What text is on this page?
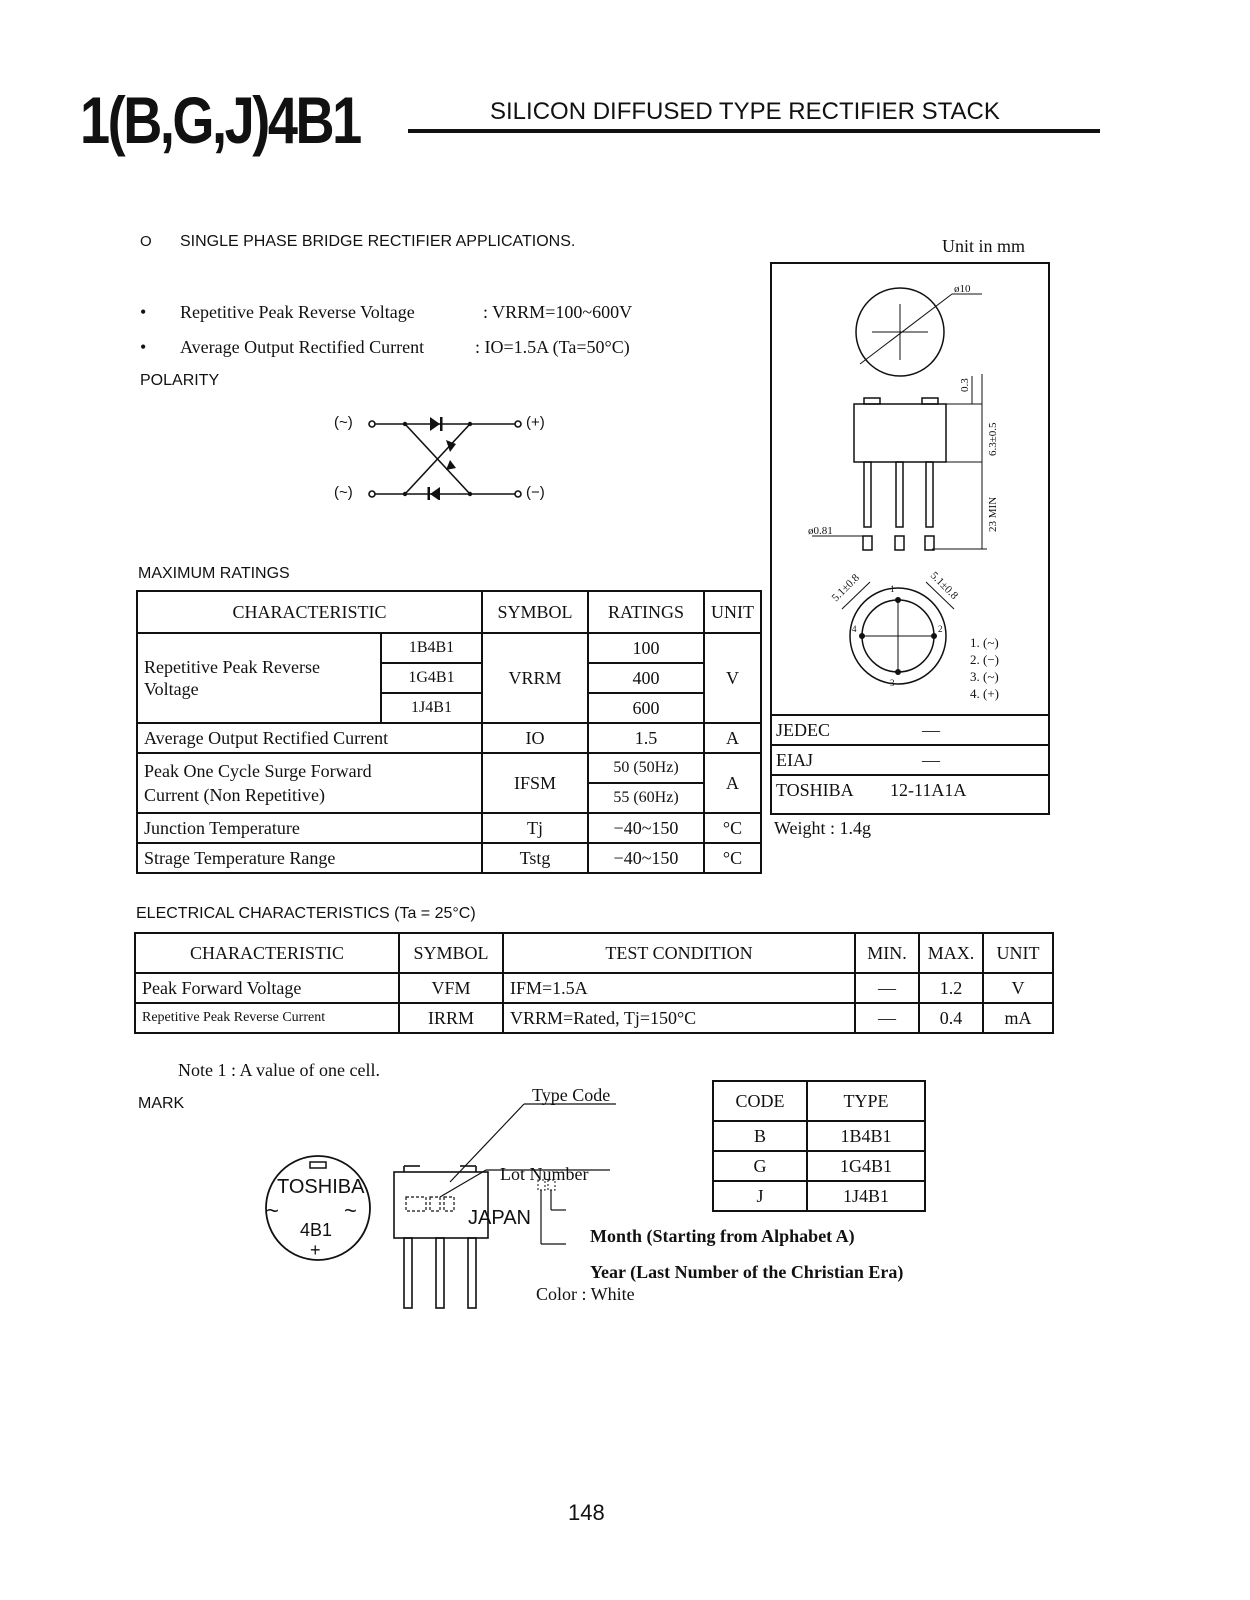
1(B,G,J)4B1	SILICON DIFFUSED TYPE RECTIFIER STACK
O SINGLE PHASE BRIDGE RECTIFIER APPLICATIONS.	Unit in mm
• Repetitive Peak Reverse Voltage	: VRRM=100~600V
• Average Output Rectified Current	: IO=1.5A (Ta=50°C)
POLARITY
(~)
(~)
(+)
(−)
ø10
0.3
6.3±0.5
23 MIN
ø0.81
5.1±0.8	5.1±0.8
1
2
3
4
1. (~)
2. (−)
3. (~)
4. (+)
JEDEC	—
EIAJ	—
TOSHIBA 12-11A1A
Weight : 1.4g
MAXIMUM RATINGS
CHARACTERISTIC		SYMBOL	RATINGS	UNIT
Repetitive Peak Reverse Voltage	1B4B1	VRRM	100	V
	1G4B1		400	
	1J4B1		600	
Average Output Rectified Current		IO	1.5	A

Peak One Cycle Surge Forward
Current (Non Repetitive)		IFSM	50 (50Hz)	A
			55 (60Hz)	
Junction Temperature		Tj	−40~150	°C
Strage Temperature Range		Tstg	−40~150	°C
ELECTRICAL CHARACTERISTICS (Ta = 25°C)
CHARACTERISTIC	SYMBOL	TEST CONDITION	MIN.	MAX.	UNIT
Peak Forward Voltage	VFM	IFM=1.5A	—	1.2	V
Repetitive Peak Reverse Current	IRRM	VRRM=Rated, Tj=150°C	—	0.4	mA
Note 1 : A value of one cell.
MARK
TOSHIBA
~	~
4B1
+
JAPAN
Type Code
Lot Number
Month (Starting from Alphabet A)
Year (Last Number of the Christian Era)
Color : White
CODE	TYPE
B	1B4B1
G	1G4B1
J	1J4B1
148
